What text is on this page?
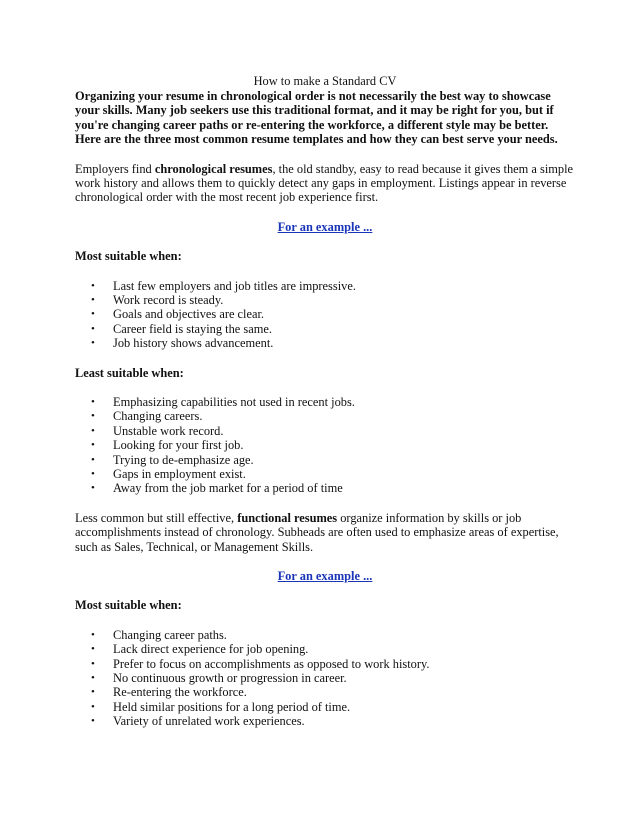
How to make a Standard CV

Organizing your resume in chronological order is not necessarily the best way to showcase your skills. Many job seekers use this traditional format, and it may be right for you, but if you're changing career paths or re-entering the workforce, a different style may be better. Here are the three most common resume templates and how they can best serve your needs.

Employers find chronological resumes, the old standby, easy to read because it gives them a simple work history and allows them to quickly detect any gaps in employment. Listings appear in reverse chronological order with the most recent job experience first.

For an example ...

Most suitable when:

• Last few employers and job titles are impressive.
• Work record is steady.
• Goals and objectives are clear.
• Career field is staying the same.
• Job history shows advancement.

Least suitable when:

• Emphasizing capabilities not used in recent jobs.
• Changing careers.
• Unstable work record.
• Looking for your first job.
• Trying to de-emphasize age.
• Gaps in employment exist.
• Away from the job market for a period of time

Less common but still effective, functional resumes organize information by skills or job accomplishments instead of chronology. Subheads are often used to emphasize areas of expertise, such as Sales, Technical, or Management Skills.

For an example ...

Most suitable when:

• Changing career paths.
• Lack direct experience for job opening.
• Prefer to focus on accomplishments as opposed to work history.
• No continuous growth or progression in career.
• Re-entering the workforce.
• Held similar positions for a long period of time.
• Variety of unrelated work experiences.
